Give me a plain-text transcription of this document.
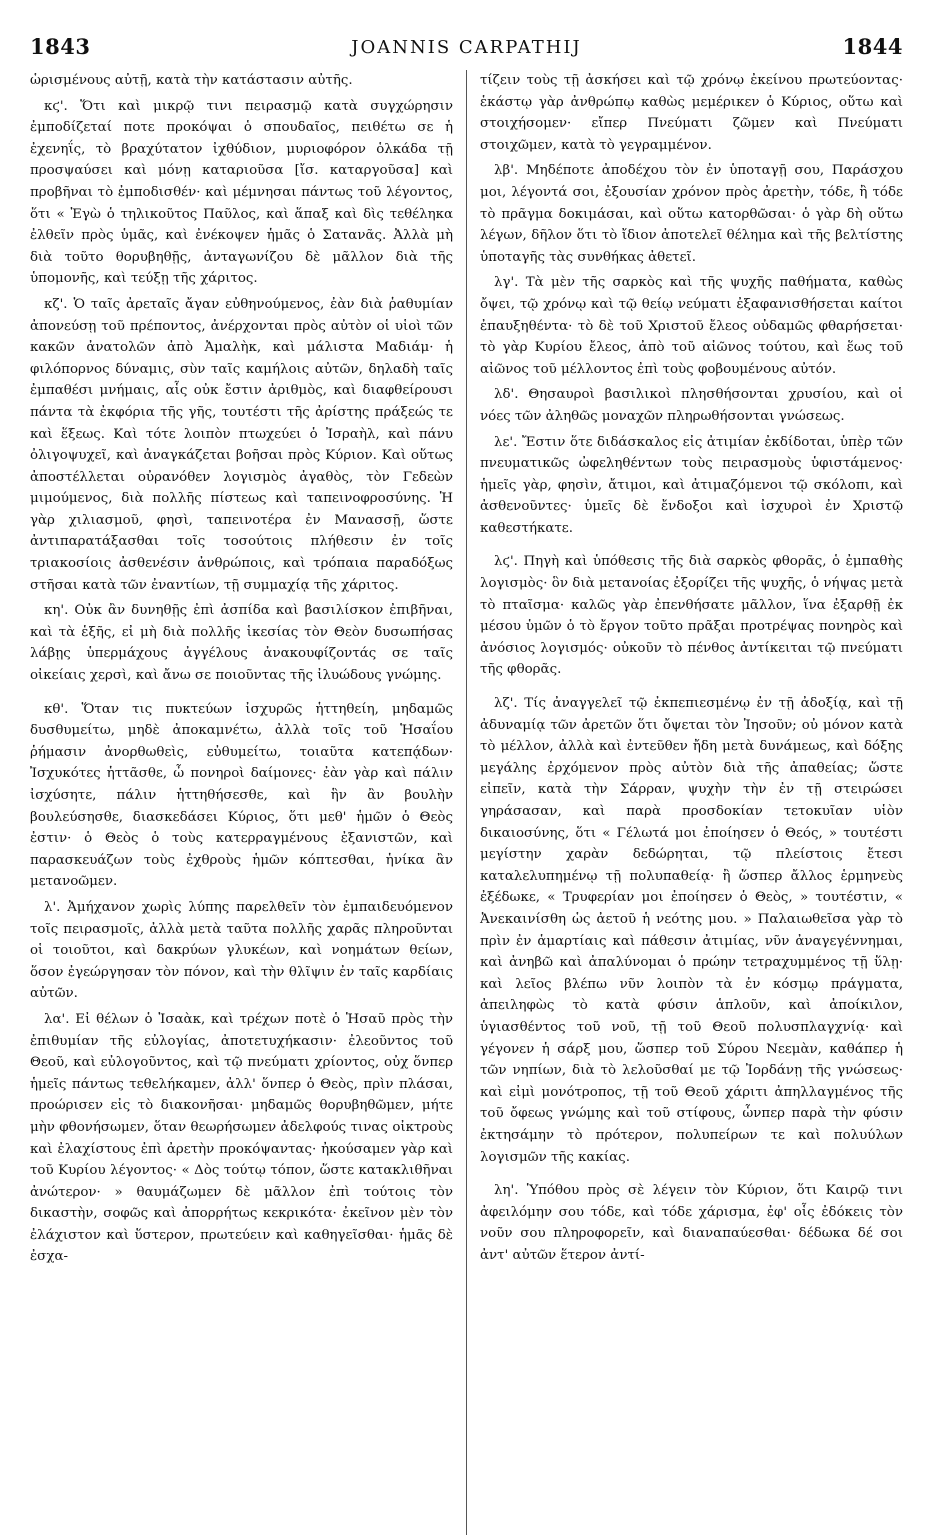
1843	JOANNIS CARPATHIJ	1844

ὡρισμένους αὐτῇ, κατὰ τὴν κατάστασιν αὐτῆς.

κϛ'. Ὅτι καὶ μικρῷ τινι πειρασμῷ κατὰ συγχώρησιν ἐμποδίζεταί ποτε προκόψαι ὁ σπουδαῖος, πειθέτω σε ἡ ἐχενηΐς, τὸ βραχύτατον ἰχθύδιον, μυριοφόρον ὁλκάδα τῇ προσψαύσει καὶ μόνῃ καταριοῦσα [ἴσ. καταργοῦσα] καὶ προβῆναι τὸ ἐμποδισθέν· καὶ μέμνησαι πάντως τοῦ λέγοντος, ὅτι « Ἐγὼ ὁ τηλικοῦτος Παῦλος, καὶ ἅπαξ καὶ δὶς τεθέληκα ἐλθεῖν πρὸς ὑμᾶς, καὶ ἐνέκοψεν ἡμᾶς ὁ Σατανᾶς. Ἀλλὰ μὴ διὰ τοῦτο θορυβηθῇς, ἀνταγωνίζου δὲ μᾶλλον διὰ τῆς ὑπομονῆς, καὶ τεύξῃ τῆς χάριτος.

κζ'. Ὁ ταῖς ἀρεταῖς ἄγαν εὐθηνούμενος, ἐὰν διὰ ῥαθυμίαν ἀπονεύσῃ τοῦ πρέποντος, ἀνέρχονται πρὸς αὐτὸν οἱ υἱοὶ τῶν κακῶν ἀνατολῶν ἀπὸ Ἀμαλὴκ, καὶ μάλιστα Μαδιάμ· ἡ φιλόπορνος δύναμις, σὺν ταῖς καμήλοις αὐτῶν, δηλαδὴ ταῖς ἐμπαθέσι μνήμαις, αἷς οὐκ ἔστιν ἀριθμὸς, καὶ διαφθείρουσι πάντα τὰ ἐκφόρια τῆς γῆς, τουτέστι τῆς ἀρίστης πράξεώς τε καὶ ἕξεως. Καὶ τότε λοιπὸν πτωχεύει ὁ Ἰσραὴλ, καὶ πάνυ ὀλιγοψυχεῖ, καὶ ἀναγκάζεται βοῆσαι πρὸς Κύριον. Καὶ οὕτως ἀποστέλλεται οὐρανόθεν λογισμὸς ἀγαθὸς, τὸν Γεδεὼν μιμούμενος, διὰ πολλῆς πίστεως καὶ ταπεινοφροσύνης. Ἡ γὰρ χιλιασμοῦ, φησὶ, ταπεινοτέρα ἐν Μανασσῇ, ὥστε ἀντιπαρατάξασθαι τοῖς τοσούτοις πλήθεσιν ἐν τοῖς τριακοσίοις ἀσθενέσιν ἀνθρώποις, καὶ τρόπαια παραδόξως στῆσαι κατὰ τῶν ἐναντίων, τῇ συμμαχίᾳ τῆς χάριτος.

κη'. Οὐκ ἂν δυνηθῇς ἐπὶ ἀσπίδα καὶ βασιλίσκον ἐπιβῆναι, καὶ τὰ ἑξῆς, εἰ μὴ διὰ πολλῆς ἱκεσίας τὸν Θεὸν δυσωπήσας λάβῃς ὑπερμάχους ἀγγέλους ἀνακουφίζοντάς σε ταῖς οἰκείαις χερσὶ, καὶ ἄνω σε ποιοῦντας τῆς ἰλυώδους γνώμης.

κθ'. Ὅταν τις πυκτεύων ἰσχυρῶς ἡττηθείη, μηδαμῶς δυσθυμείτω, μηδὲ ἀποκαμνέτω, ἀλλὰ τοῖς τοῦ Ἡσαΐου ῥήμασιν ἀνορθωθεὶς, εὐθυμείτω, τοιαῦτα κατεπᾴδων· Ἰσχυκότες ἡττᾶσθε, ὦ πονηροὶ δαίμονες· ἐὰν γὰρ καὶ πάλιν ἰσχύσητε, πάλιν ἡττηθήσεσθε, καὶ ἣν ἂν βουλὴν βουλεύσησθε, διασκεδάσει Κύριος, ὅτι μεθ' ἡμῶν ὁ Θεὸς ἐστιν· ὁ Θεὸς ὁ τοὺς κατερραγμένους ἐξανιστῶν, καὶ παρασκευάζων τοὺς ἐχθροὺς ἡμῶν κόπτεσθαι, ἡνίκα ἂν μετανοῶμεν.

λ'. Ἀμήχανον χωρὶς λύπης παρελθεῖν τὸν ἐμπαιδευόμενον τοῖς πειρασμοῖς, ἀλλὰ μετὰ ταῦτα πολλῆς χαρᾶς πληροῦνται οἱ τοιοῦτοι, καὶ δακρύων γλυκέων, καὶ νοημάτων θείων, ὅσον ἐγεώργησαν τὸν πόνον, καὶ τὴν θλῖψιν ἐν ταῖς καρδίαις αὐτῶν.

λα'. Εἰ θέλων ὁ Ἰσαὰκ, καὶ τρέχων ποτὲ ὁ Ἡσαῦ πρὸς τὴν ἐπιθυμίαν τῆς εὐλογίας, ἀποτετυχήκασιν· ἐλεοῦντος τοῦ Θεοῦ, καὶ εὐλογοῦντος, καὶ τῷ πνεύματι χρίοντος, οὐχ ὅνπερ ἡμεῖς πάντως τεθελήκαμεν, ἀλλ' ὅνπερ ὁ Θεὸς, πρὶν πλάσαι, προώρισεν εἰς τὸ διακονῆσαι· μηδαμῶς θορυβηθῶμεν, μήτε μὴν φθονήσωμεν, ὅταν θεωρήσωμεν ἀδελφούς τινας οἰκτροὺς καὶ ἐλαχίστους ἐπὶ ἀρετὴν προκόψαντας· ἠκούσαμεν γὰρ καὶ τοῦ Κυρίου λέγοντος· « Δὸς τούτῳ τόπον, ὥστε κατακλιθῆναι ἀνώτερον· » θαυμάζωμεν δὲ μᾶλλον ἐπὶ τούτοις τὸν δικαστὴν, σοφῶς καὶ ἀπορρήτως κεκρικότα· ἐκεῖνον μὲν τὸν ἐλάχιστον καὶ ὕστερον, πρωτεύειν καὶ καθηγεῖσθαι· ἡμᾶς δὲ ἐσχα-

τίζειν τοὺς τῇ ἀσκήσει καὶ τῷ χρόνῳ ἐκείνου πρωτεύοντας· ἑκάστῳ γὰρ ἀνθρώπῳ καθὼς μεμέρικεν ὁ Κύριος, οὕτω καὶ στοιχήσομεν· εἴπερ Πνεύματι ζῶμεν καὶ Πνεύματι στοιχῶμεν, κατὰ τὸ γεγραμμένον.

λβ'. Μηδέποτε ἀποδέχου τὸν ἐν ὑποταγῇ σου, Παράσχου μοι, λέγοντά σοι, ἐξουσίαν χρόνον πρὸς ἀρετὴν, τόδε, ἢ τόδε τὸ πρᾶγμα δοκιμάσαι, καὶ οὕτω κατορθῶσαι· ὁ γὰρ δὴ οὕτω λέγων, δῆλον ὅτι τὸ ἴδιον ἀποτελεῖ θέλημα καὶ τῆς βελτίστης ὑποταγῆς τὰς συνθήκας ἀθετεῖ.

λγ'. Τὰ μὲν τῆς σαρκὸς καὶ τῆς ψυχῆς παθήματα, καθὼς ὄψει, τῷ χρόνῳ καὶ τῷ θείῳ νεύματι ἐξαφανισθήσεται καίτοι ἐπαυξηθέντα· τὸ δὲ τοῦ Χριστοῦ ἔλεος οὐδαμῶς φθαρήσεται· τὸ γὰρ Κυρίου ἔλεος, ἀπὸ τοῦ αἰῶνος τούτου, καὶ ἕως τοῦ αἰῶνος τοῦ μέλλοντος ἐπὶ τοὺς φοβουμένους αὐτόν.

λδ'. Θησαυροὶ βασιλικοὶ πλησθήσονται χρυσίου, καὶ οἱ νόες τῶν ἀληθῶς μοναχῶν πληρωθήσονται γνώσεως.

λε'. Ἔστιν ὅτε διδάσκαλος εἰς ἀτιμίαν ἐκδίδοται, ὑπὲρ τῶν πνευματικῶς ὠφεληθέντων τοὺς πειρασμοὺς ὑφιστάμενος· ἡμεῖς γὰρ, φησὶν, ἄτιμοι, καὶ ἀτιμαζόμενοι τῷ σκόλοπι, καὶ ἀσθενοῦντες· ὑμεῖς δὲ ἔνδοξοι καὶ ἰσχυροὶ ἐν Χριστῷ καθεστήκατε.

λϛ'. Πηγὴ καὶ ὑπόθεσις τῆς διὰ σαρκὸς φθορᾶς, ὁ ἐμπαθὴς λογισμὸς· ὃν διὰ μετανοίας ἐξορίζει τῆς ψυχῆς, ὁ νήψας μετὰ τὸ πταῖσμα· καλῶς γὰρ ἐπενθήσατε μᾶλλον, ἵνα ἐξαρθῇ ἐκ μέσου ὑμῶν ὁ τὸ ἔργον τοῦτο πρᾶξαι προτρέψας πονηρὸς καὶ ἀνόσιος λογισμός· οὐκοῦν τὸ πένθος ἀντίκειται τῷ πνεύματι τῆς φθορᾶς.

λζ'. Τίς ἀναγγελεῖ τῷ ἐκπεπιεσμένῳ ἐν τῇ ἀδοξίᾳ, καὶ τῇ ἀδυναμίᾳ τῶν ἀρετῶν ὅτι ὄψεται τὸν Ἰησοῦν; οὐ μόνον κατὰ τὸ μέλλον, ἀλλὰ καὶ ἐντεῦθεν ἤδη μετὰ δυνάμεως, καὶ δόξης μεγάλης ἐρχόμενον πρὸς αὐτὸν διὰ τῆς ἀπαθείας; ὥστε εἰπεῖν, κατὰ τὴν Σάρραν, ψυχὴν τὴν ἐν τῇ στειρώσει γηράσασαν, καὶ παρὰ προσδοκίαν τετοκυῖαν υἱὸν δικαιοσύνης, ὅτι « Γέλωτά μοι ἐποίησεν ὁ Θεός, » τουτέστι μεγίστην χαρὰν δεδώρηται, τῷ πλείστοις ἔτεσι καταλελυπημένῳ τῇ πολυπαθείᾳ· ἢ ὥσπερ ἄλλος ἑρμηνεὺς ἐξέδωκε, « Τρυφερίαν μοι ἐποίησεν ὁ Θεὸς, » τουτέστιν, « Ἀνεκαινίσθη ὡς ἀετοῦ ἡ νεότης μου. » Παλαιωθεῖσα γὰρ τὸ πρὶν ἐν ἁμαρτίαις καὶ πάθεσιν ἀτιμίας, νῦν ἀναγεγέννημαι, καὶ ἀνηβῶ καὶ ἀπαλύνομαι ὁ πρώην τετραχυμμένος τῇ ὕλῃ· καὶ λεῖος βλέπω νῦν λοιπὸν τὰ ἐν κόσμῳ πράγματα, ἀπειληφὼς τὸ κατὰ φύσιν ἁπλοῦν, καὶ ἀποίκιλον, ὑγιασθέντος τοῦ νοῦ, τῇ τοῦ Θεοῦ πολυσπλαγχνίᾳ· καὶ γέγονεν ἡ σάρξ μου, ὥσπερ τοῦ Σύρου Νεεμὰν, καθάπερ ἡ τῶν νηπίων, διὰ τὸ λελοῦσθαί με τῷ Ἰορδάνῃ τῆς γνώσεως· καὶ εἰμὶ μονότροπος, τῇ τοῦ Θεοῦ χάριτι ἀπηλλαγμένος τῆς τοῦ ὄφεως γνώμης καὶ τοῦ στίφους, ὧνπερ παρὰ τὴν φύσιν ἐκτησάμην τὸ πρότερον, πολυπείρων τε καὶ πολυύλων λογισμῶν τῆς κακίας.

λη'. Ὑπόθου πρὸς σὲ λέγειν τὸν Κύριον, ὅτι Καιρῷ τινι ἀφειλόμην σου τόδε, καὶ τόδε χάρισμα, ἐφ' οἷς ἐδόκεις τὸν νοῦν σου πληροφορεῖν, καὶ διαναπαύεσθαι· δέδωκα δέ σοι ἀντ' αὐτῶν ἕτερον ἀντί-
